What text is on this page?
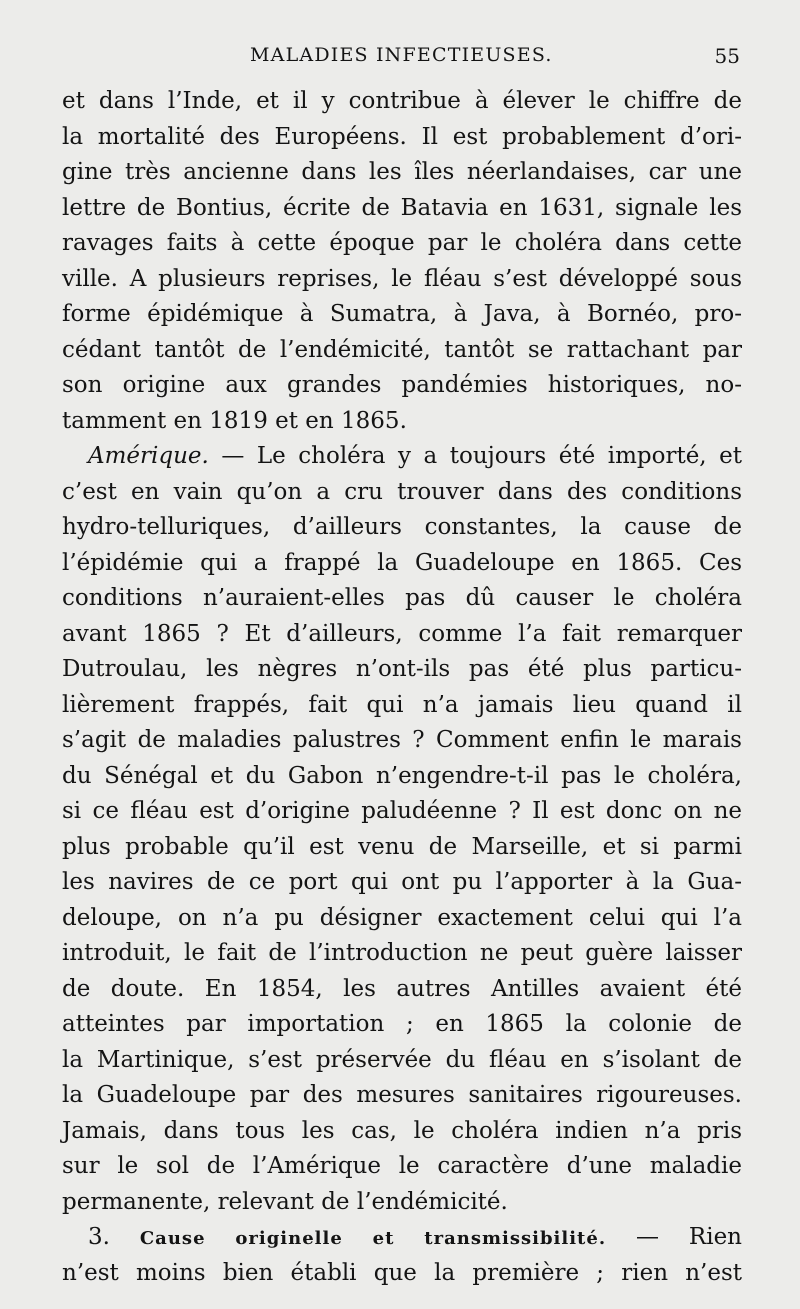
MALADIES INFECTIEUSES.	55
et dans l’Inde, et il y contribue à élever le chiffre de
la mortalité des Européens. Il est probablement d’ori-
gine très ancienne dans les îles néerlandaises, car une
lettre de Bontius, écrite de Batavia en 1631, signale les
ravages faits à cette époque par le choléra dans cette
ville. A plusieurs reprises, le fléau s’est développé sous
forme épidémique à Sumatra, à Java, à Bornéo, pro-
cédant tantôt de l’endémicité, tantôt se rattachant par
son origine aux grandes pandémies historiques, no-
tamment en 1819 et en 1865.
Amérique. — Le choléra y a toujours été importé, et
c’est en vain qu’on a cru trouver dans des conditions
hydro-telluriques, d’ailleurs constantes, la cause de
l’épidémie qui a frappé la Guadeloupe en 1865. Ces
conditions n’auraient-elles pas dû causer le choléra
avant 1865 ? Et d’ailleurs, comme l’a fait remarquer
Dutroulau, les nègres n’ont-ils pas été plus particu-
lièrement frappés, fait qui n’a jamais lieu quand il
s’agit de maladies palustres ? Comment enfin le marais
du Sénégal et du Gabon n’engendre-t-il pas le choléra,
si ce fléau est d’origine paludéenne ? Il est donc on ne
plus probable qu’il est venu de Marseille, et si parmi
les navires de ce port qui ont pu l’apporter à la Gua-
deloupe, on n’a pu désigner exactement celui qui l’a
introduit, le fait de l’introduction ne peut guère laisser
de doute. En 1854, les autres Antilles avaient été
atteintes par importation ; en 1865 la colonie de
la Martinique, s’est préservée du fléau en s’isolant de
la Guadeloupe par des mesures sanitaires rigoureuses.
Jamais, dans tous les cas, le choléra indien n’a pris
sur le sol de l’Amérique le caractère d’une maladie
permanente, relevant de l’endémicité.
3. Cause originelle et transmissibilité. — Rien
n’est moins bien établi que la première ; rien n’est
